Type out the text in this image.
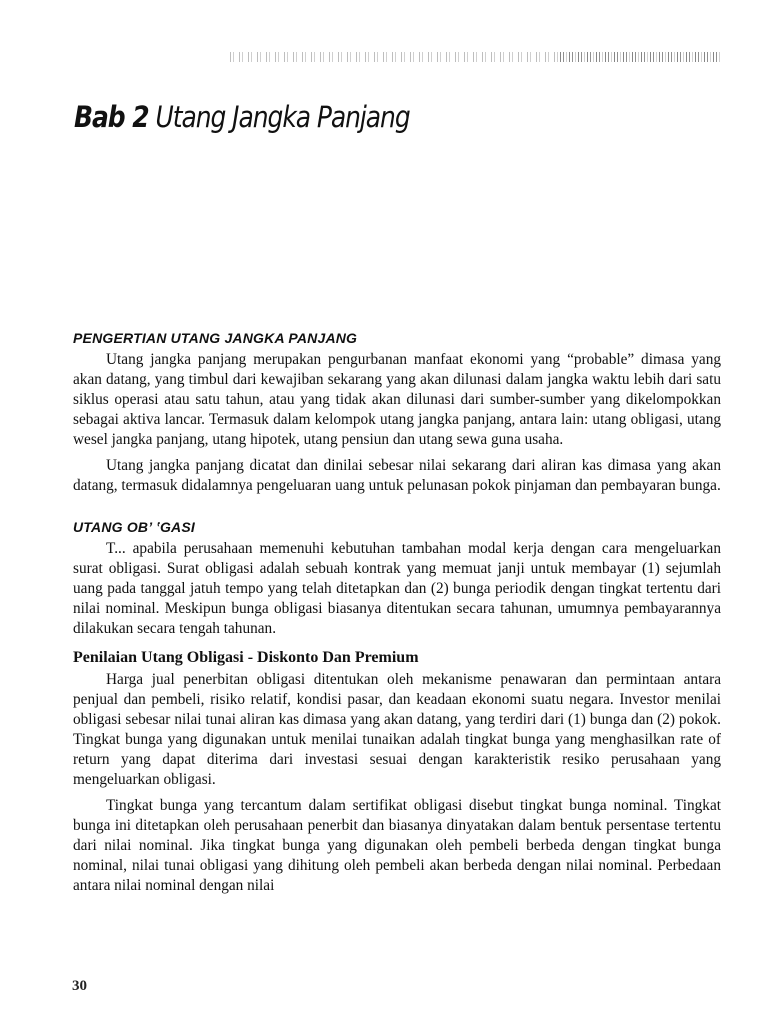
Bab 2 Utang Jangka Panjang
PENGERTIAN UTANG JANGKA PANJANG

Utang jangka panjang merupakan pengurbanan manfaat ekonomi yang “probable” dimasa yang akan datang, yang timbul dari kewajiban sekarang yang akan dilunasi dalam jangka waktu lebih dari satu siklus operasi atau satu tahun, atau yang tidak akan dilunasi dari sumber-sumber yang dikelompokkan sebagai aktiva lancar. Termasuk dalam kelompok utang jangka panjang, antara lain: utang obligasi, utang wesel jangka panjang, utang hipotek, utang pensiun dan utang sewa guna usaha.

Utang jangka panjang dicatat dan dinilai sebesar nilai sekarang dari aliran kas dimasa yang akan datang, termasuk didalamnya pengeluaran uang untuk pelunasan pokok pinjaman dan pembayaran bunga.

UTANG OB’ ʽGASI

T... apabila perusahaan memenuhi kebutuhan tambahan modal kerja dengan cara mengeluarkan surat obligasi. Surat obligasi adalah sebuah kontrak yang memuat janji untuk membayar (1) sejumlah uang pada tanggal jatuh tempo yang telah ditetapkan dan (2) bunga periodik dengan tingkat tertentu dari nilai nominal. Meskipun bunga obligasi biasanya ditentukan secara tahunan, umumnya pembayarannya dilakukan secara tengah tahunan.

Penilaian Utang Obligasi - Diskonto Dan Premium

Harga jual penerbitan obligasi ditentukan oleh mekanisme penawaran dan permintaan antara penjual dan pembeli, risiko relatif, kondisi pasar, dan keadaan ekonomi suatu negara. Investor menilai obligasi sebesar nilai tunai aliran kas dimasa yang akan datang, yang terdiri dari (1) bunga dan (2) pokok. Tingkat bunga yang digunakan untuk menilai tunaikan adalah tingkat bunga yang menghasilkan rate of return yang dapat diterima dari investasi sesuai dengan karakteristik resiko perusahaan yang mengeluarkan obligasi.

Tingkat bunga yang tercantum dalam sertifikat obligasi disebut tingkat bunga nominal. Tingkat bunga ini ditetapkan oleh perusahaan penerbit dan biasanya dinyatakan dalam bentuk persentase tertentu dari nilai nominal. Jika tingkat bunga yang digunakan oleh pembeli berbeda dengan tingkat bunga nominal, nilai tunai obligasi yang dihitung oleh pembeli akan berbeda dengan nilai nominal. Perbedaan antara nilai nominal dengan nilai

30
